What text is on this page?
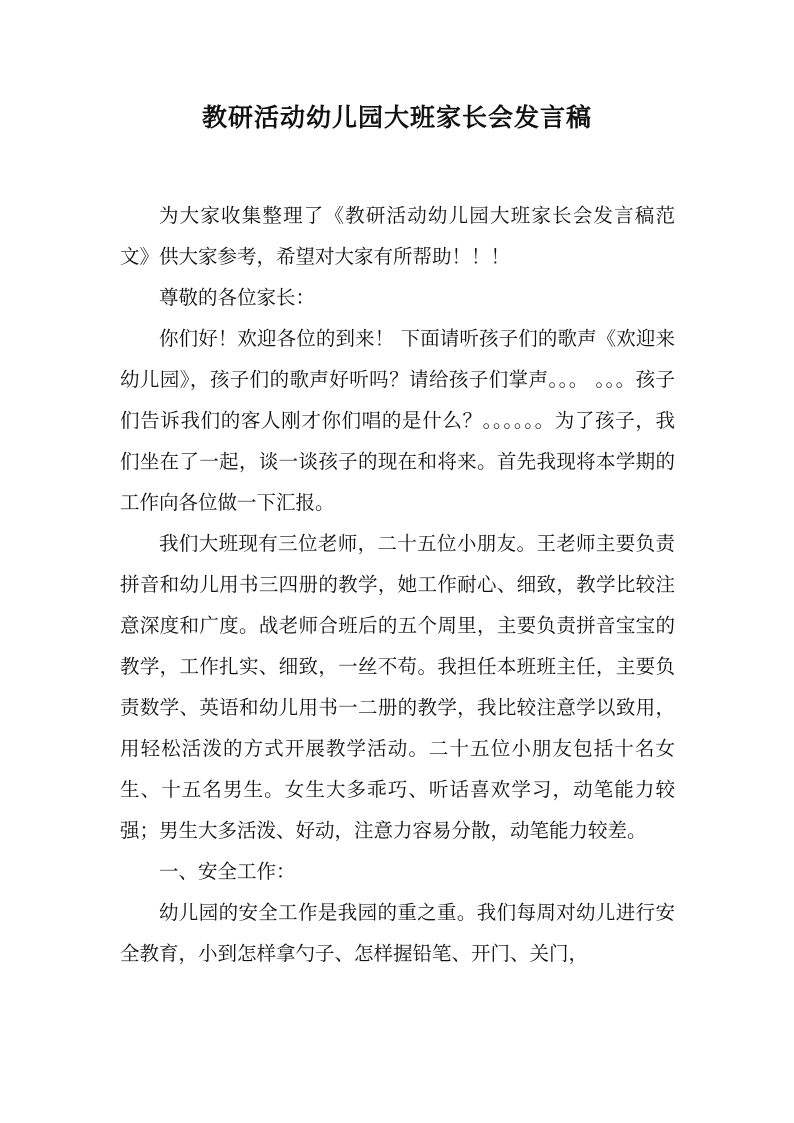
教研活动幼儿园大班家长会发言稿

为大家收集整理了《教研活动幼儿园大班家长会发言稿范文》供大家参考，希望对大家有所帮助！！！

尊敬的各位家长：

你们好！欢迎各位的到来！ 下面请听孩子们的歌声《欢迎来幼儿园》，孩子们的歌声好听吗？请给孩子们掌声。。。 。。。孩子们告诉我们的客人刚才你们唱的是什么？。。。。。。为了孩子，我们坐在了一起，谈一谈孩子的现在和将来。首先我现将本学期的工作向各位做一下汇报。

我们大班现有三位老师，二十五位小朋友。王老师主要负责拼音和幼儿用书三四册的教学，她工作耐心、细致，教学比较注意深度和广度。战老师合班后的五个周里，主要负责拼音宝宝的教学，工作扎实、细致，一丝不苟。我担任本班班主任，主要负责数学、英语和幼儿用书一二册的教学，我比较注意学以致用，用轻松活泼的方式开展教学活动。二十五位小朋友包括十名女生、十五名男生。女生大多乖巧、听话喜欢学习，动笔能力较强；男生大多活泼、好动，注意力容易分散，动笔能力较差。

一、安全工作：

幼儿园的安全工作是我园的重之重。我们每周对幼儿进行安全教育，小到怎样拿勺子、怎样握铅笔、开门、关门，
